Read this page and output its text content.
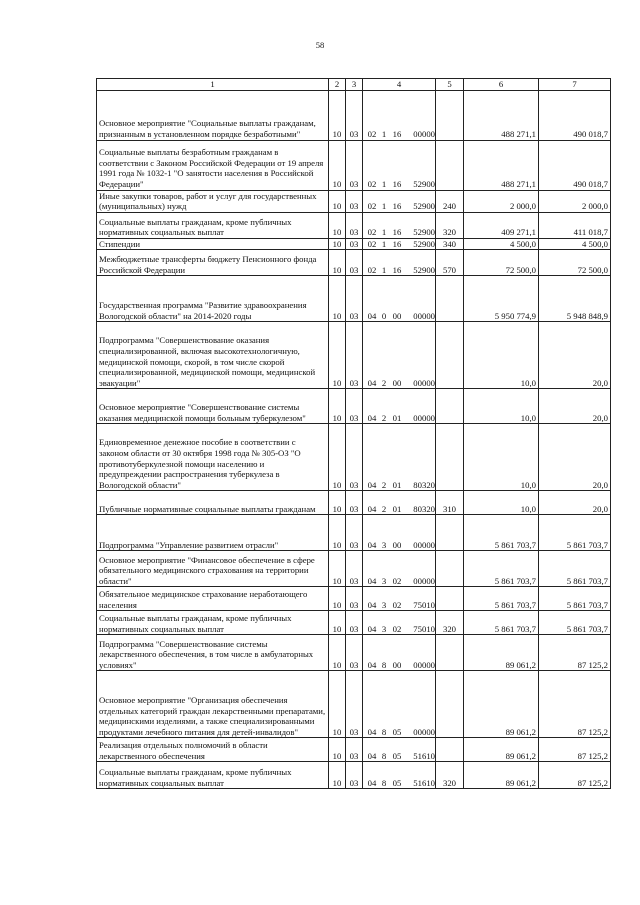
58
1	2	3	4	5	6	7
Основное мероприятие "Социальные выплаты гражданам, признанным в установленном порядке безработными"	10	03	02 1 16 00000		488 271,1	490 018,7
Социальные выплаты безработным гражданам в соответствии с Законом Российской Федерации от 19 апреля 1991 года № 1032-1 "О занятости населения в Российской Федерации"	10	03	02 1 16 52900		488 271,1	490 018,7
Иные закупки товаров, работ и услуг для государственных (муниципальных) нужд	10	03	02 1 16 52900	240	2 000,0	2 000,0
Социальные выплаты гражданам, кроме публичных нормативных социальных выплат	10	03	02 1 16 52900	320	409 271,1	411 018,7
Стипендии	10	03	02 1 16 52900	340	4 500,0	4 500,0
Межбюджетные трансферты бюджету Пенсионного фонда Российской Федерации	10	03	02 1 16 52900	570	72 500,0	72 500,0
Государственная программа "Развитие здравоохранения Вологодской области" на 2014-2020 годы	10	03	04 0 00 00000		5 950 774,9	5 948 848,9
Подпрограмма "Совершенствование оказания специализированной, включая высокотехнологичную, медицинской помощи, скорой, в том числе скорой специализированной, медицинской помощи, медицинской эвакуации"	10	03	04 2 00 00000		10,0	20,0
Основное мероприятие "Совершенствование системы оказания медицинской помощи больным туберкулезом"	10	03	04 2 01 00000		10,0	20,0
Единовременное денежное пособие в соответствии с законом области от 30 октября 1998 года № 305-ОЗ "О противотуберкулезной помощи населению и предупреждении распространения туберкулеза в Вологодской области"	10	03	04 2 01 80320		10,0	20,0
Публичные нормативные социальные выплаты гражданам	10	03	04 2 01 80320	310	10,0	20,0
Подпрограмма "Управление развитием отрасли"	10	03	04 3 00 00000		5 861 703,7	5 861 703,7
Основное мероприятие "Финансовое обеспечение в сфере обязательного медицинского страхования на территории области"	10	03	04 3 02 00000		5 861 703,7	5 861 703,7
Обязательное медицинское страхование неработающего населения	10	03	04 3 02 75010		5 861 703,7	5 861 703,7
Социальные выплаты гражданам, кроме публичных нормативных социальных выплат	10	03	04 3 02 75010	320	5 861 703,7	5 861 703,7
Подпрограмма "Совершенствование системы лекарственного обеспечения, в том числе в амбулаторных условиях"	10	03	04 8 00 00000		89 061,2	87 125,2
Основное мероприятие "Организация обеспечения отдельных категорий граждан лекарственными препаратами, медицинскими изделиями, а также специализированными продуктами лечебного питания для детей-инвалидов"	10	03	04 8 05 00000		89 061,2	87 125,2
Реализация отдельных полномочий в области лекарственного обеспечения	10	03	04 8 05 51610		89 061,2	87 125,2
Социальные выплаты гражданам, кроме публичных нормативных социальных выплат	10	03	04 8 05 51610	320	89 061,2	87 125,2
